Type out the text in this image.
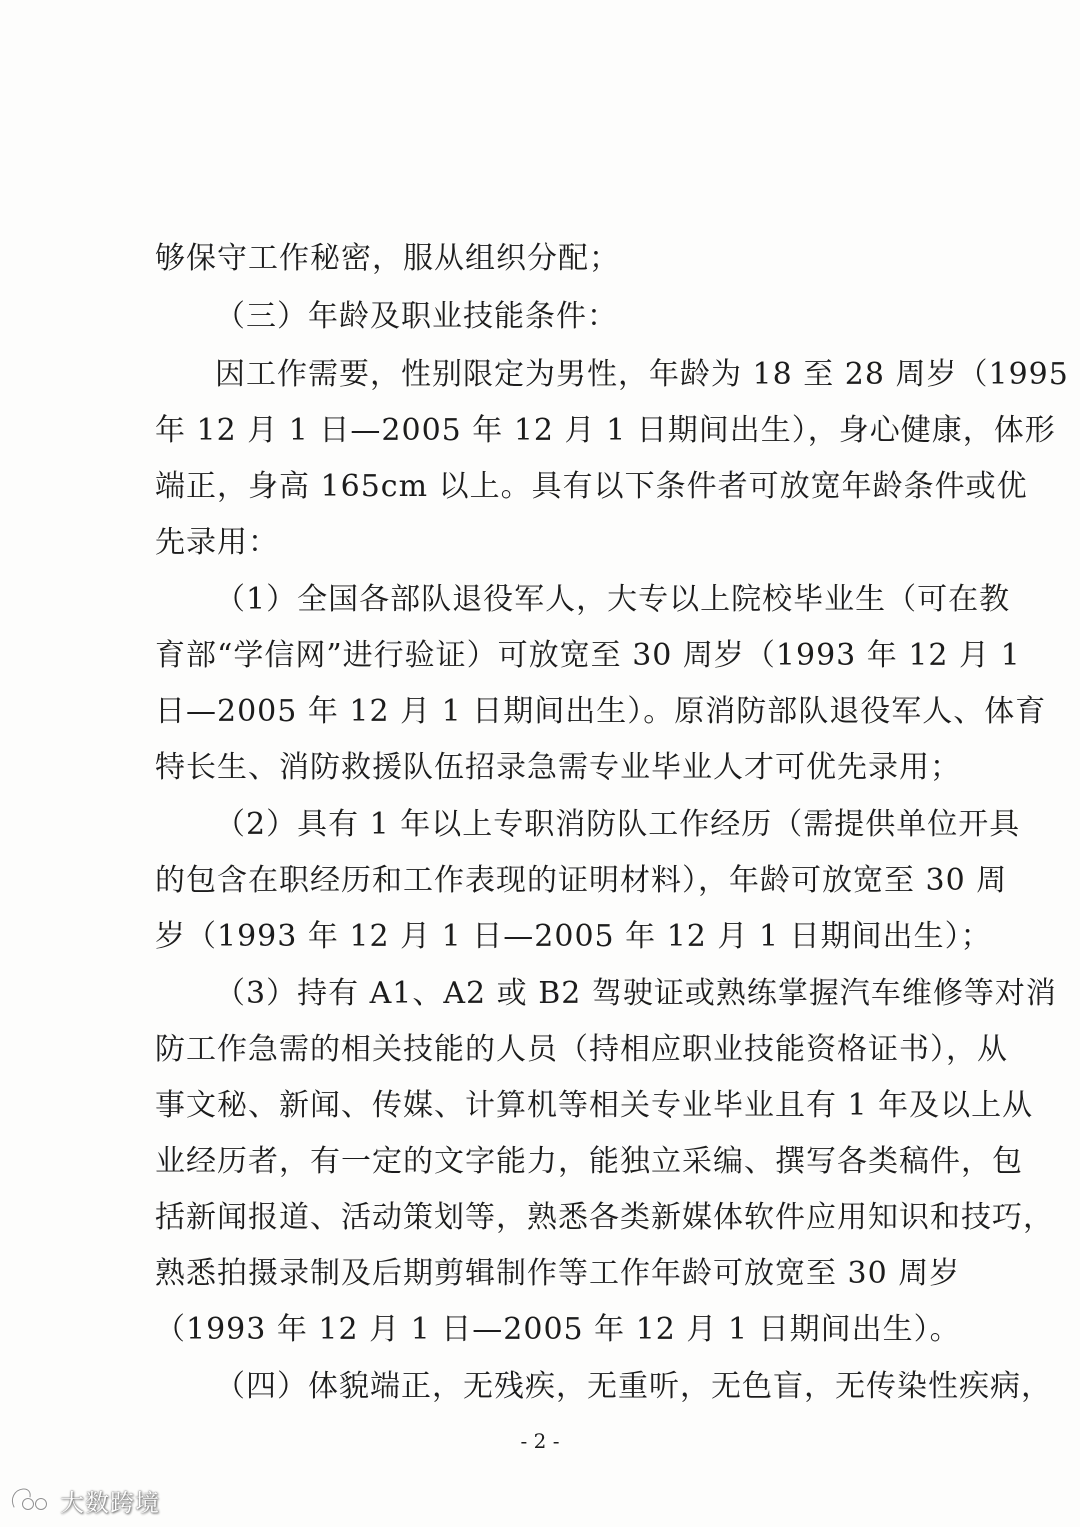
够保守工作秘密，服从组织分配；
（三）年龄及职业技能条件：
因工作需要，性别限定为男性，年龄为 18 至 28 周岁（1995
年 12 月 1 日—2005 年 12 月 1 日期间出生），身心健康，体形
端正，身高 165cm 以上。具有以下条件者可放宽年龄条件或优
先录用：
（1）全国各部队退役军人，大专以上院校毕业生（可在教
育部“学信网”进行验证）可放宽至 30 周岁（1993 年 12 月 1
日—2005 年 12 月 1 日期间出生）。原消防部队退役军人、体育
特长生、消防救援队伍招录急需专业毕业人才可优先录用；
（2）具有 1 年以上专职消防队工作经历（需提供单位开具
的包含在职经历和工作表现的证明材料），年龄可放宽至 30 周
岁（1993 年 12 月 1 日—2005 年 12 月 1 日期间出生）；
（3）持有 A1、A2 或 B2 驾驶证或熟练掌握汽车维修等对消
防工作急需的相关技能的人员（持相应职业技能资格证书），从
事文秘、新闻、传媒、计算机等相关专业毕业且有 1 年及以上从
业经历者，有一定的文字能力，能独立采编、撰写各类稿件，包
括新闻报道、活动策划等，熟悉各类新媒体软件应用知识和技巧，
熟悉拍摄录制及后期剪辑制作等工作年龄可放宽至 30 周岁
（1993 年 12 月 1 日—2005 年 12 月 1 日期间出生）。
（四）体貌端正，无残疾，无重听，无色盲，无传染性疾病，
- 2 -
大数跨境
